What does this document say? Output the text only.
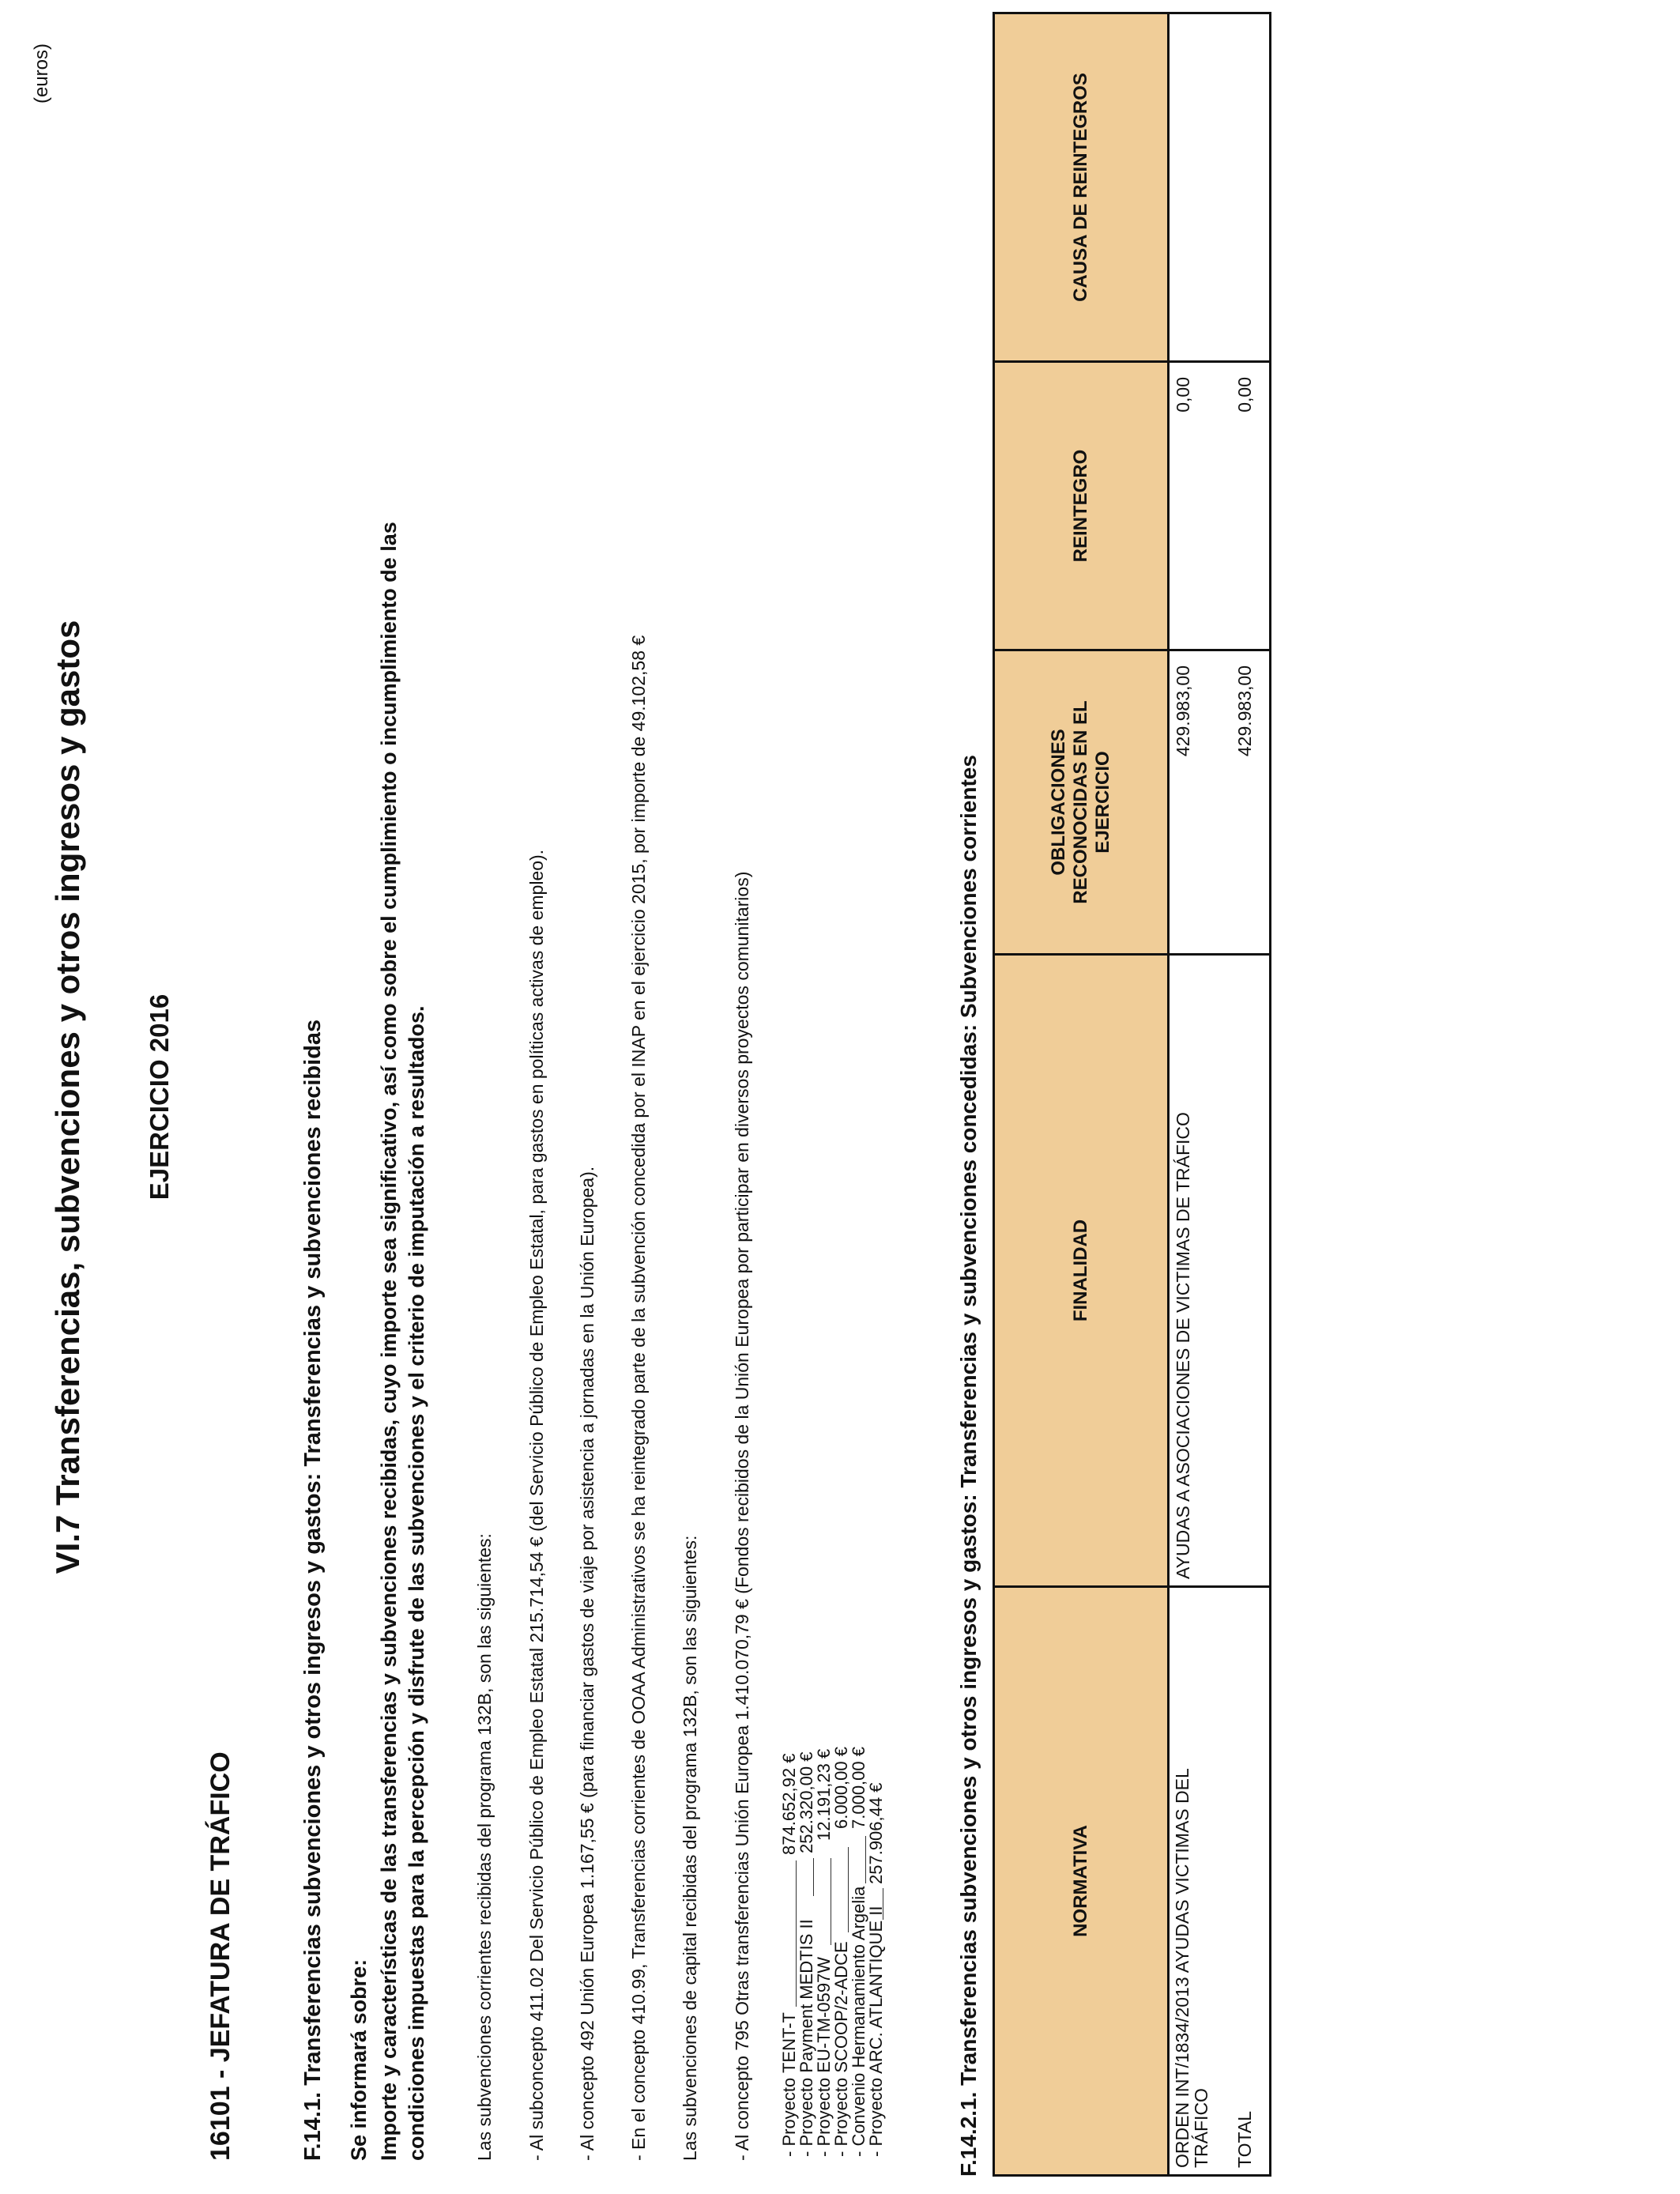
VI.7 Transferencias, subvenciones y otros ingresos y gastos EJERCICIO 2016
(euros)
16101 - JEFATURA DE TRÁFICO	F.14.1. Transferencias subvenciones y otros ingresos y gastos: Transferencias y subvenciones recibidas Se informará sobre: Importe y características de las transferencias y subvenciones recibidas, cuyo importe sea significativo, así como sobre el cumplimiento o incumplimiento de las condiciones impuestas para la percepción y disfrute de las subvenciones y el criterio de imputación a resultados.	Las subvenciones corrientes recibidas del programa 132B, son las siguientes: - Al subconcepto 411.02 Del Servicio Público de Empleo Estatal 215.714,54 € (del Servicio Público de Empleo Estatal, para gastos en políticas activas de empleo). - Al concepto 492 Unión Europea 1.167,55 € (para financiar gastos de viaje por asistencia a jornadas en la Unión Europea). - En el concepto 410.99, Transferencias corrientes de OOAA Administrativos se ha reintegrado parte de la subvención concedida por el INAP en el ejercicio 2015, por importe de 49.102,58 € Las subvenciones de capital recibidas del programa 132B, son las siguientes: - Al concepto 795 Otras transferencias Unión Europea 1.410.070,79 € (Fondos recibidos de la Unión Europea por participar en diversos proyectos comunitarios) - Proyecto TENT-T
874.652,92 €
- Proyecto Payment MEDTIS II
252.320,00 €
- Proyecto EU-TM-0597W
12.191,23 €
- Proyecto SCOOP/2-ADCE
6.000,00 €
- Convenio Hermanamiento Argelia
7.000,00 €
- Proyecto ARC. ATLANTIQUE II
257.906,44 €	F.14.2.1. Transferencias subvenciones y otros ingresos y gastos: Transferencias y subvenciones concedidas: Subvenciones corrientes	NORMATIVA	FINALIDAD	OBLIGACIONES RECONOCIDAS EN EL EJERCICIO	REINTEGRO	CAUSA DE REINTEGROS

ORDEN INT/1834/2013 AYUDAS VICTIMAS DEL
TRÁFICO	AYUDAS A ASOCIACIONES DE VICTIMAS DE TRÁFICO	429.983,00	0,00	
TOTAL		429.983,00	0,00	
